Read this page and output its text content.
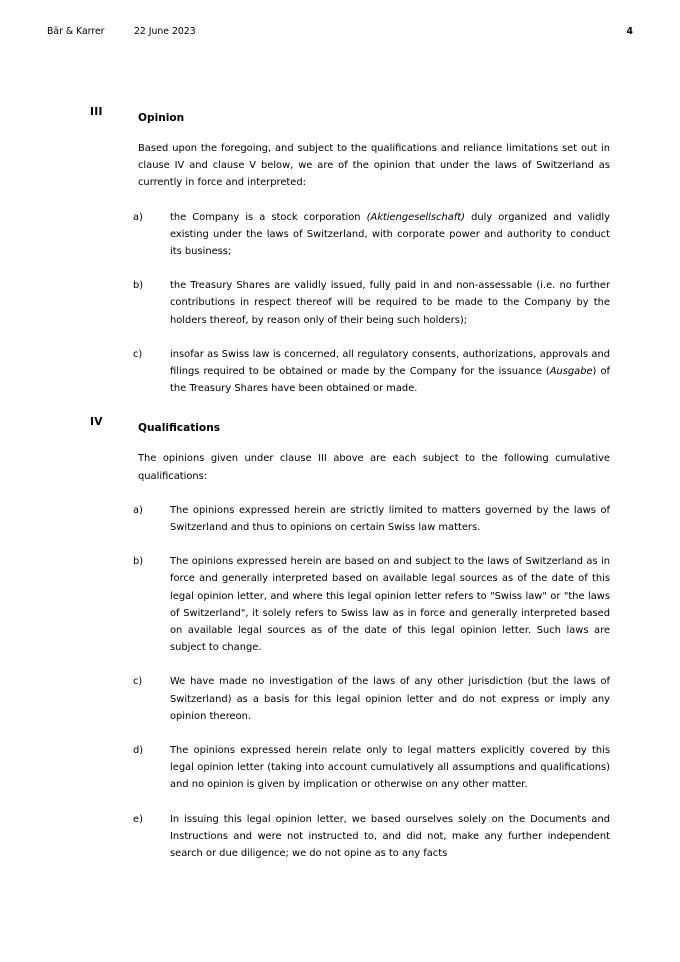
Bär & Karrer	22 June 2023	4
III	Opinion

Based upon the foregoing, and subject to the qualifications and reliance limitations set out in clause IV and clause V below, we are of the opinion that under the laws of Switzerland as currently in force and interpreted:

a)	the Company is a stock corporation (Aktiengesellschaft) duly organized and validly existing under the laws of Switzerland, with corporate power and authority to conduct its business;
b)	the Treasury Shares are validly issued, fully paid in and non-assessable (i.e. no further contributions in respect thereof will be required to be made to the Company by the holders thereof, by reason only of their being such holders);
c)	insofar as Swiss law is concerned, all regulatory consents, authorizations, approvals and filings required to be obtained or made by the Company for the issuance (Ausgabe) of the Treasury Shares have been obtained or made.
IV	Qualifications

The opinions given under clause III above are each subject to the following cumulative qualifications:

a)	The opinions expressed herein are strictly limited to matters governed by the laws of Switzerland and thus to opinions on certain Swiss law matters.
b)	The opinions expressed herein are based on and subject to the laws of Switzerland as in force and generally interpreted based on available legal sources as of the date of this legal opinion letter, and where this legal opinion letter refers to "Swiss law" or "the laws of Switzerland", it solely refers to Swiss law as in force and generally interpreted based on available legal sources as of the date of this legal opinion letter. Such laws are subject to change.
c)	We have made no investigation of the laws of any other jurisdiction (but the laws of Switzerland) as a basis for this legal opinion letter and do not express or imply any opinion thereon.
d)	The opinions expressed herein relate only to legal matters explicitly covered by this legal opinion letter (taking into account cumulatively all assumptions and qualifications) and no opinion is given by implication or otherwise on any other matter.
e)	In issuing this legal opinion letter, we based ourselves solely on the Documents and Instructions and were not instructed to, and did not, make any further independent search or due diligence; we do not opine as to any facts
